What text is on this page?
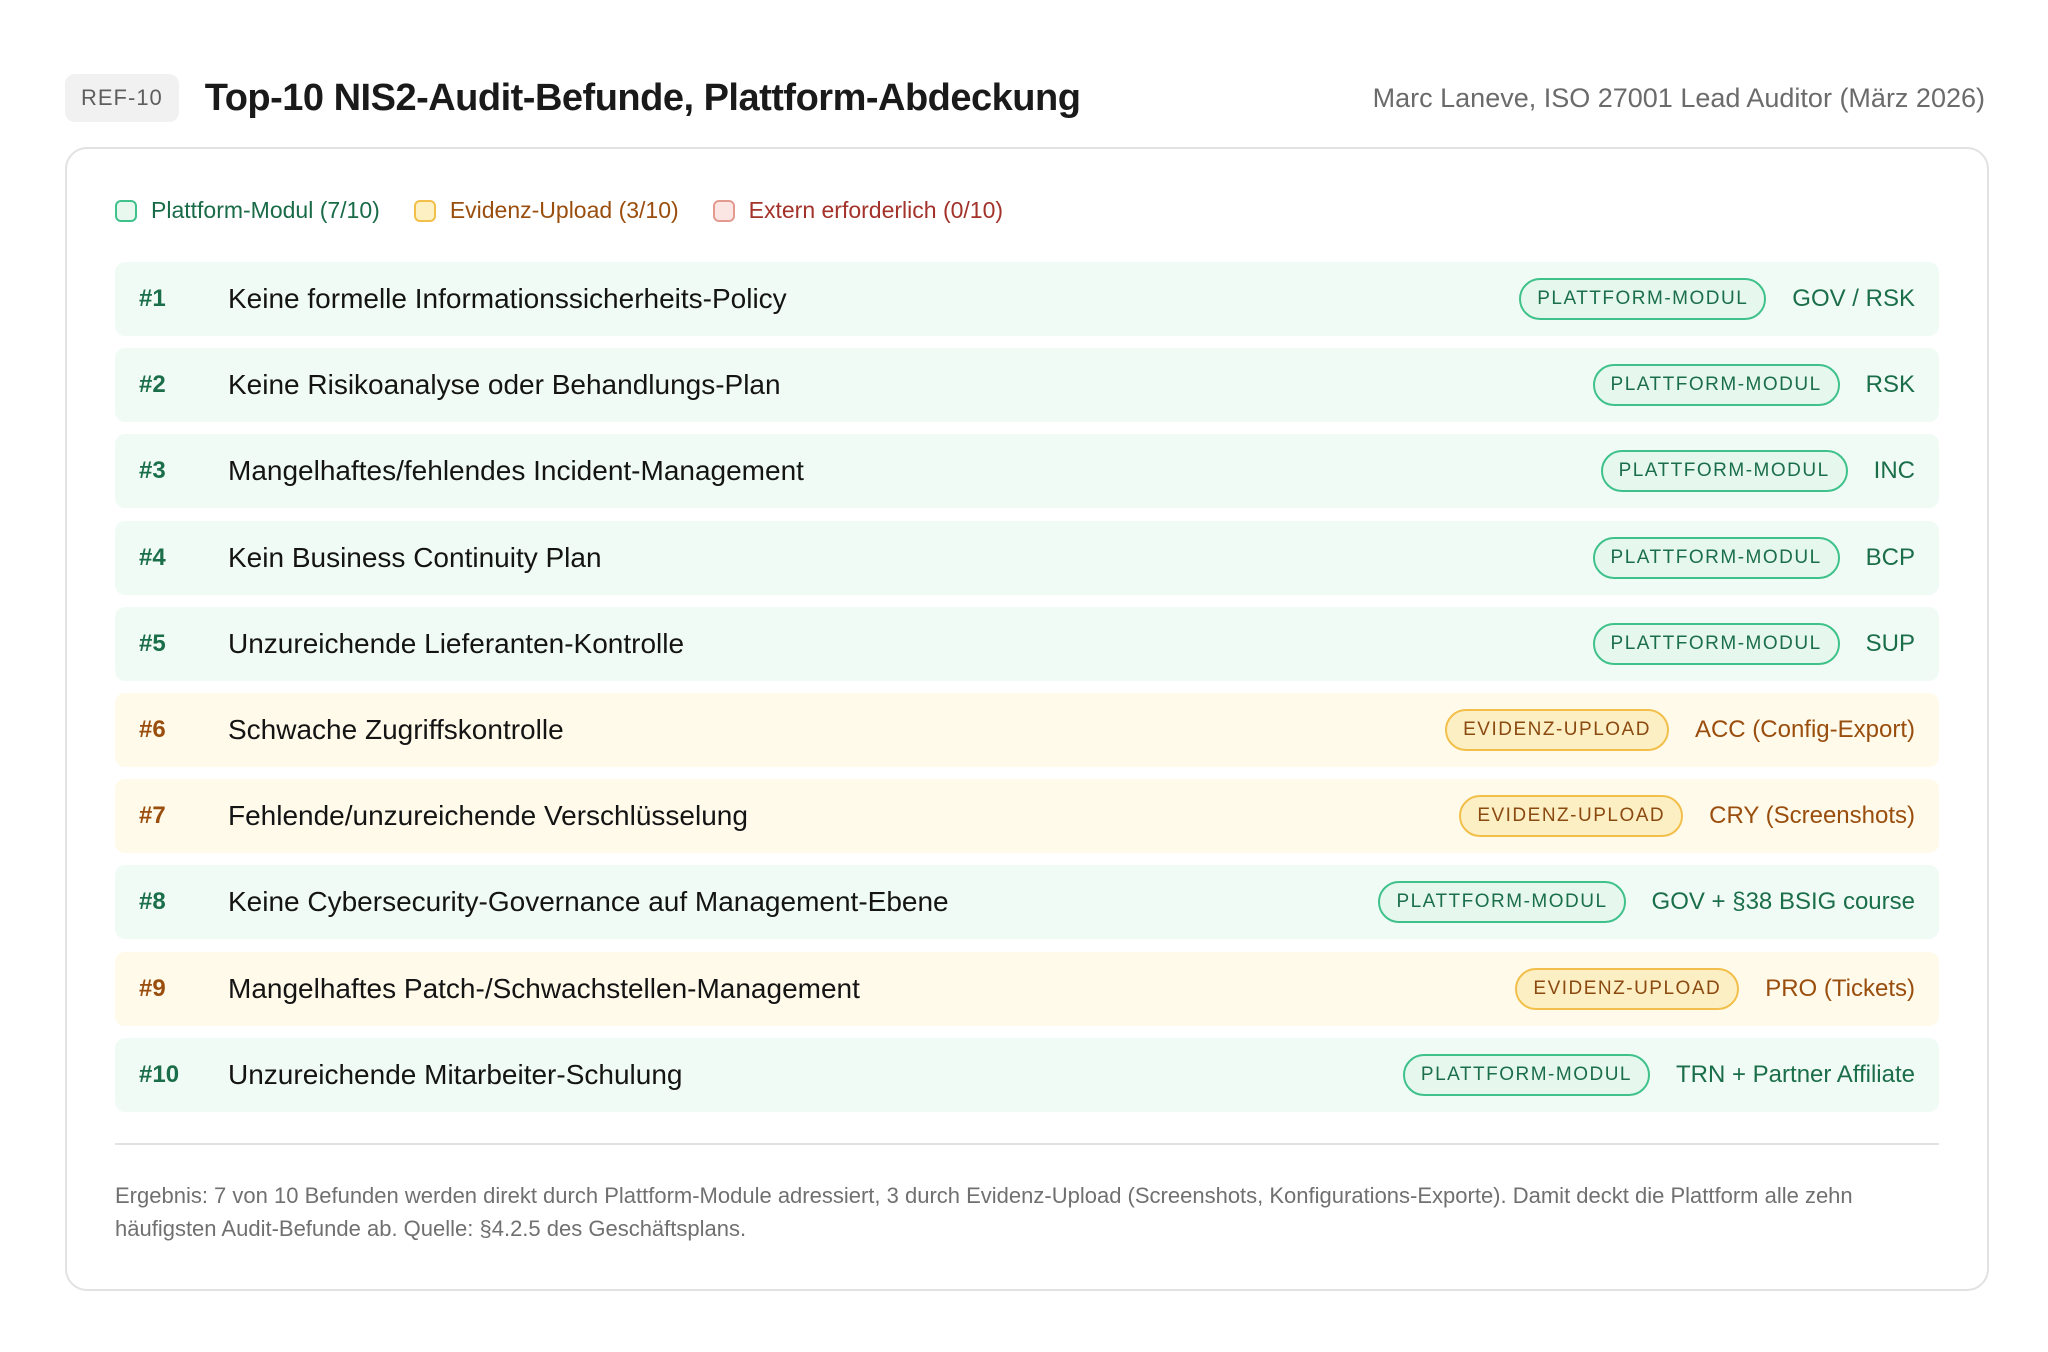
REF-10	Top-10 NIS2-Audit-Befunde, Plattform-Abdeckung	Marc Laneve, ISO 27001 Lead Auditor (März 2026)
Plattform-Modul (7/10)	Evidenz-Upload (3/10)	Extern erforderlich (0/10)
#1	Keine formelle Informationssicherheits-Policy	PLATTFORM-MODUL	GOV / RSK
#2	Keine Risikoanalyse oder Behandlungs-Plan	PLATTFORM-MODUL	RSK
#3	Mangelhaftes/fehlendes Incident-Management	PLATTFORM-MODUL	INC
#4	Kein Business Continuity Plan	PLATTFORM-MODUL	BCP
#5	Unzureichende Lieferanten-Kontrolle	PLATTFORM-MODUL	SUP
#6	Schwache Zugriffskontrolle	EVIDENZ-UPLOAD	ACC (Config-Export)
#7	Fehlende/unzureichende Verschlüsselung	EVIDENZ-UPLOAD	CRY (Screenshots)
#8	Keine Cybersecurity-Governance auf Management-Ebene	PLATTFORM-MODUL	GOV + §38 BSIG course
#9	Mangelhaftes Patch-/Schwachstellen-Management	EVIDENZ-UPLOAD	PRO (Tickets)
#10	Unzureichende Mitarbeiter-Schulung	PLATTFORM-MODUL	TRN + Partner Affiliate

Ergebnis: 7 von 10 Befunden werden direkt durch Plattform-Module adressiert, 3 durch Evidenz-Upload (Screenshots, Konfigurations-Exporte). Damit deckt die Plattform alle zehn häufigsten Audit-Befunde ab. Quelle: §4.2.5 des Geschäftsplans.
